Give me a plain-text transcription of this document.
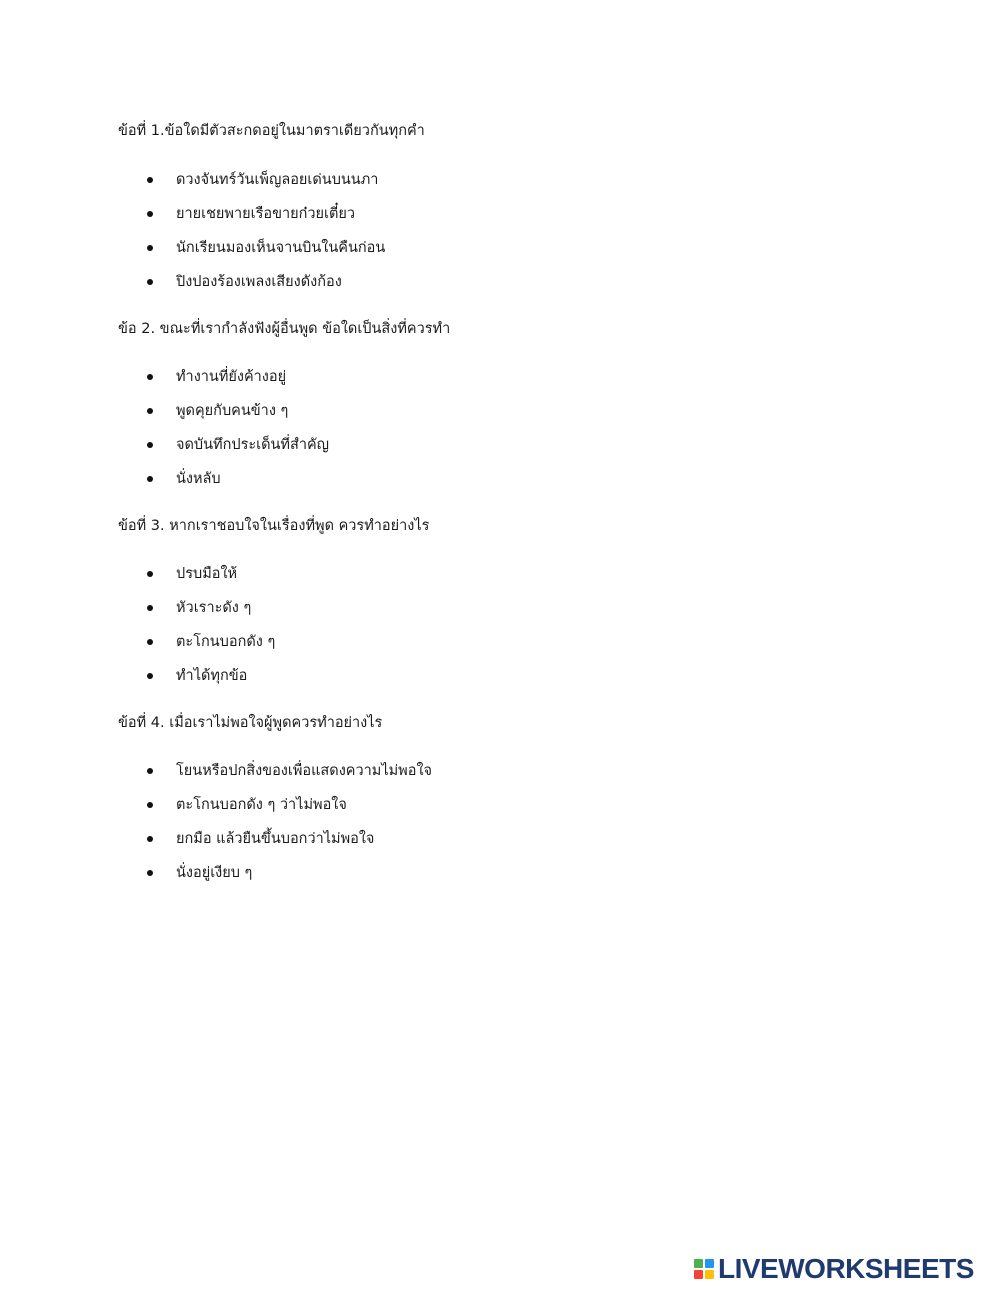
ข้อที่ 1.ข้อใดมีตัวสะกดอยู่ในมาตราเดียวกันทุกคำ

ดวงจันทร์วันเพ็ญลอยเด่นบนนภา
ยายเชยพายเรือขายก๋วยเตี๋ยว
นักเรียนมองเห็นจานบินในคืนก่อน
ปิงปองร้องเพลงเสียงดังก้อง

ข้อ 2. ขณะที่เรากำลังฟังผู้อื่นพูด ข้อใดเป็นสิ่งที่ควรทำ

ทำงานที่ยังค้างอยู่
พูดคุยกับคนข้าง ๆ
จดบันทึกประเด็นที่สำคัญ
นั่งหลับ

ข้อที่ 3. หากเราชอบใจในเรื่องที่พูด ควรทำอย่างไร

ปรบมือให้
หัวเราะดัง ๆ
ตะโกนบอกดัง ๆ
ทำได้ทุกข้อ

ข้อที่ 4. เมื่อเราไม่พอใจผู้พูดควรทำอย่างไร

โยนหรือปกสิ่งของเพื่อแสดงความไม่พอใจ
ตะโกนบอกดัง ๆ ว่าไม่พอใจ
ยกมือ แล้วยืนขึ้นบอกว่าไม่พอใจ
นั่งอยู่เงียบ ๆ
LIVEWORKSHEETS
